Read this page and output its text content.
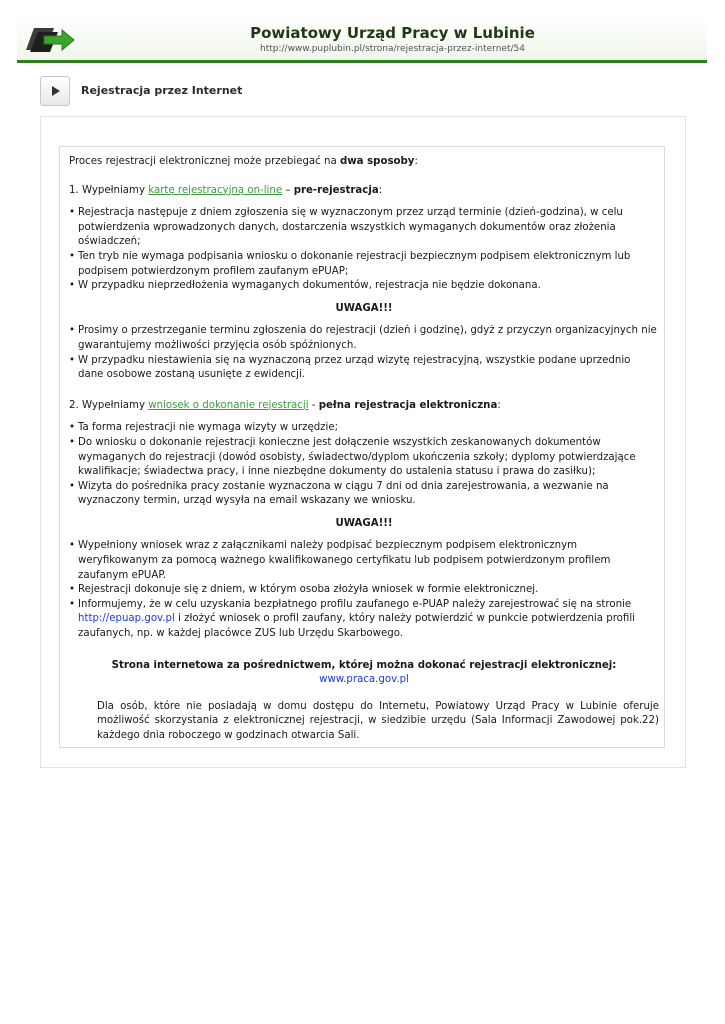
Powiatowy Urząd Pracy w Lubinie
http://www.puplubin.pl/strona/rejestracja-przez-internet/54
Rejestracja przez Internet

Proces rejestracji elektronicznej może przebiegać na dwa sposoby:

1. Wypełniamy kartę rejestracyjną on-line – pre-rejestracja:

• Rejestracja następuje z dniem zgłoszenia się w wyznaczonym przez urząd terminie (dzień-godzina), w celu potwierdzenia wprowadzonych danych, dostarczenia wszystkich wymaganych dokumentów oraz złożenia oświadczeń;
• Ten tryb nie wymaga podpisania wniosku o dokonanie rejestracji bezpiecznym podpisem elektronicznym lub podpisem potwierdzonym profilem zaufanym ePUAP;
• W przypadku nieprzedłożenia wymaganych dokumentów, rejestracja nie będzie dokonana.

UWAGA!!!

• Prosimy o przestrzeganie terminu zgłoszenia do rejestracji (dzień i godzinę), gdyż z przyczyn organizacyjnych nie gwarantujemy możliwości przyjęcia osób spóźnionych.
• W przypadku niestawienia się na wyznaczoną przez urząd wizytę rejestracyjną, wszystkie podane uprzednio dane osobowe zostaną usunięte z ewidencji.

2. Wypełniamy wniosek o dokonanie rejestracji - pełna rejestracja elektroniczna:

• Ta forma rejestracji nie wymaga wizyty w urzędzie;
• Do wniosku o dokonanie rejestracji konieczne jest dołączenie wszystkich zeskanowanych dokumentów wymaganych do rejestracji (dowód osobisty, świadectwo/dyplom ukończenia szkoły; dyplomy potwierdzające kwalifikacje; świadectwa pracy, i inne niezbędne dokumenty do ustalenia statusu i prawa do zasiłku);
• Wizyta do pośrednika pracy zostanie wyznaczona w ciągu 7 dni od dnia zarejestrowania, a wezwanie na wyznaczony termin, urząd wysyła na email wskazany we wniosku.

UWAGA!!!

• Wypełniony wniosek wraz z załącznikami należy podpisać bezpiecznym podpisem elektronicznym weryfikowanym za pomocą ważnego kwalifikowanego certyfikatu lub podpisem potwierdzonym profilem zaufanym ePUAP.
• Rejestracji dokonuje się z dniem, w którym osoba złożyła wniosek w formie elektronicznej.
• Informujemy, że w celu uzyskania bezpłatnego profilu zaufanego e-PUAP należy zarejestrować się na stronie http://epuap.gov.pl i złożyć wniosek o profil zaufany, który należy potwierdzić w punkcie potwierdzenia profili zaufanych, np. w każdej placówce ZUS lub Urzędu Skarbowego.

Strona internetowa za pośrednictwem, której można dokonać rejestracji elektronicznej: www.praca.gov.pl

Dla osób, które nie posiadają w domu dostępu do Internetu, Powiatowy Urząd Pracy w Lubinie oferuje możliwość skorzystania z elektronicznej rejestracji, w siedzibie urzędu (Sala Informacji Zawodowej pok.22) każdego dnia roboczego w godzinach otwarcia Sali.
